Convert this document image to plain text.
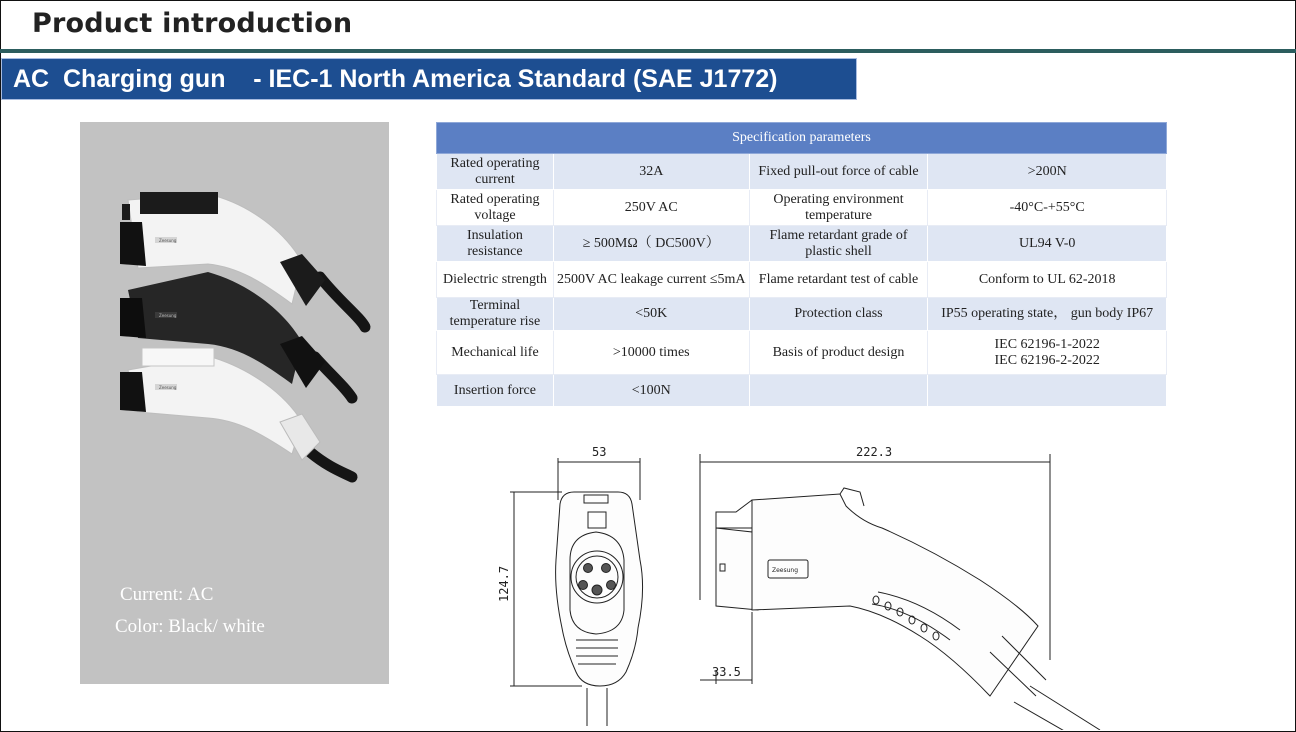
Product introduction
AC  Charging gun    - IEC-1 North America Standard (SAE J1772)
Zeesung
Zeesung
Zeesung
Current: AC
Color: Black/ white
Specification parameters			
Rated operating current	32A	Fixed pull-out force of cable	>200N
Rated operating voltage	250V AC	Operating environment temperature	-40°C-+55°C
Insulation resistance	≥ 500MΩ（ DC500V）	Flame retardant grade of plastic shell	UL94 V-0
Dielectric strength	2500V AC leakage current ≤5mA	Flame retardant test of cable	Conform to UL 62-2018
Terminal temperature rise	<50K	Protection class	IP55 operating state， gun body IP67
Mechanical life	>10000 times	Basis of product design	IEC 62196-1-2022
IEC 62196-2-2022
Insertion force	<100N		
53
124.7	Zeesung
222.3
33.5
